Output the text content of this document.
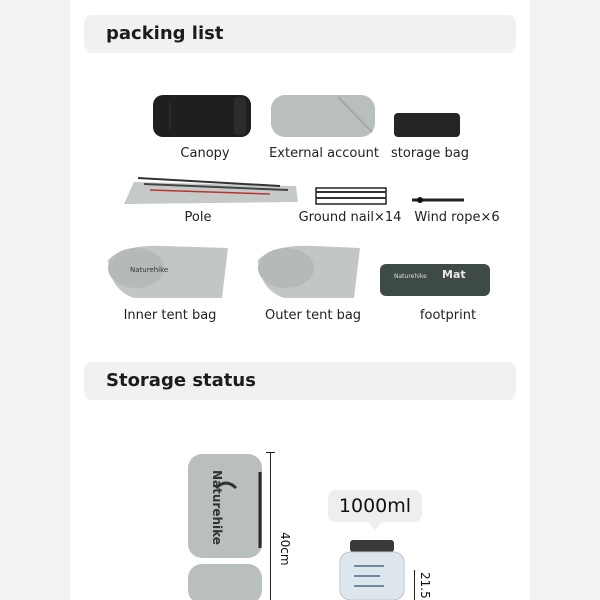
packing list
Canopy	External account storage bag
Pole	Ground nail×14 Wind rope×6
Naturehike
Inner tent bag	Outer tent bag
Mat
Naturehike
footprint
Storage status
Naturehike
40cm
1000ml
21.5
